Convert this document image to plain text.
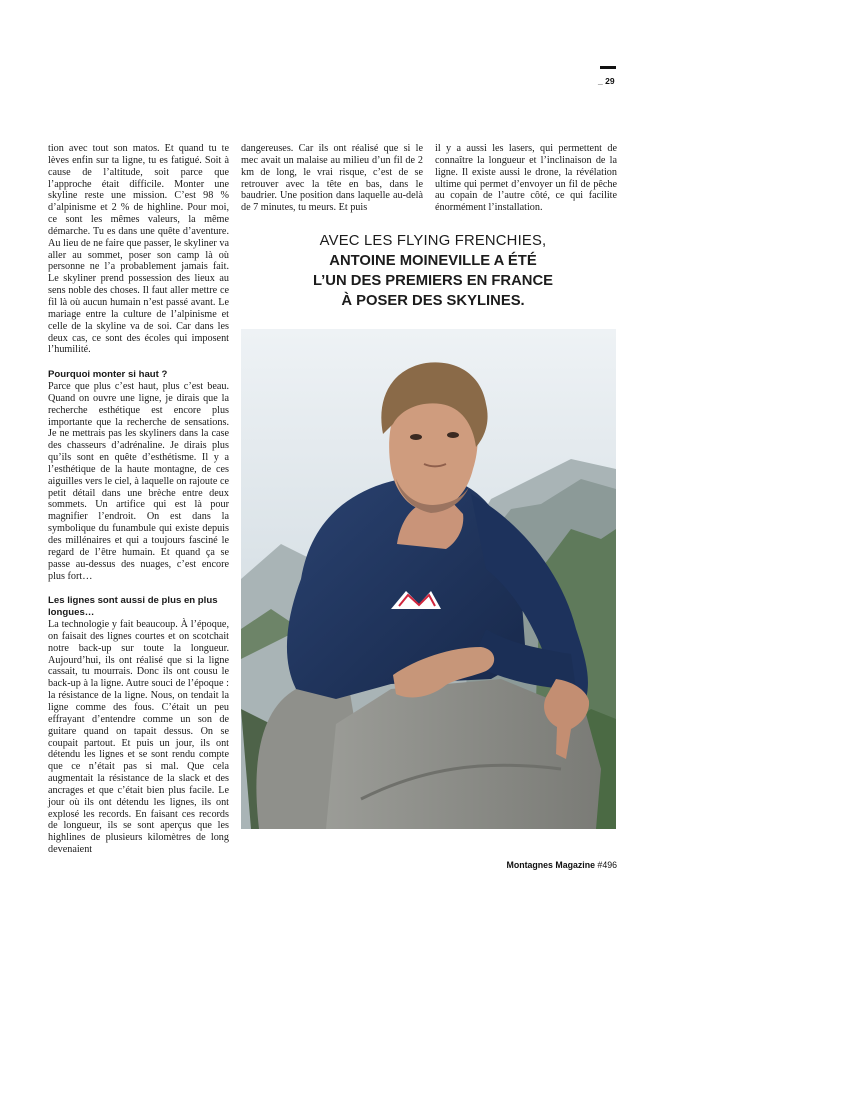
_ 29

tion avec tout son matos. Et quand tu te lèves enfin sur ta ligne, tu es fatigué. Soit à cause de l’altitude, soit parce que l’approche était difficile. Monter une skyline reste une mission. C’est 98 % d’alpinisme et 2 % de highline. Pour moi, ce sont les mêmes valeurs, la même démarche. Tu es dans une quête d’aventure. Au lieu de ne faire que passer, le skyliner va aller au sommet, poser son camp là où personne ne l’a probablement jamais fait. Le skyliner prend possession des lieux au sens noble des choses. Il faut aller mettre ce fil là où aucun humain n’est passé avant. Le mariage entre la culture de l’alpinisme et celle de la skyline va de soi. Car dans les deux cas, ce sont des écoles qui imposent l’humilité.

Pourquoi monter si haut ?

Parce que plus c’est haut, plus c’est beau. Quand on ouvre une ligne, je dirais que la recherche esthétique est encore plus importante que la recherche de sensations. Je ne mettrais pas les skyliners dans la case des chasseurs d’adrénaline. Je dirais plus qu’ils sont en quête d’esthétisme. Il y a l’esthétique de la haute montagne, de ces aiguilles vers le ciel, à laquelle on rajoute ce petit détail dans une brèche entre deux sommets. Un artifice qui est là pour magnifier l’endroit. On est dans la symbolique du funambule qui existe depuis des millénaires et qui a toujours fasciné le regard de l’être humain. Et quand ça se passe au-dessus des nuages, c’est encore plus fort…

Les lignes sont aussi de plus en plus longues…

La technologie y fait beaucoup. À l’époque, on faisait des lignes courtes et on scotchait notre back-up sur toute la longueur. Aujourd’hui, ils ont réalisé que si la ligne cassait, tu mourrais. Donc ils ont cousu le back-up à la ligne. Autre souci de l’époque : la résistance de la ligne. Nous, on tendait la ligne comme des fous. C’était un peu effrayant d’entendre comme un son de guitare quand on tapait dessus. On se coupait partout. Et puis un jour, ils ont détendu les lignes et se sont rendu compte que ce n’était pas si mal. Que cela augmentait la résistance de la slack et des ancrages et que c’était bien plus facile. Le jour où ils ont détendu les lignes, ils ont explosé les records. En faisant ces records de longueur, ils se sont aperçus que les highlines de plusieurs kilomètres de long devenaient

dangereuses. Car ils ont réalisé que si le mec avait un malaise au milieu d’un fil de 2 km de long, le vrai risque, c’est de se retrouver avec la tête en bas, dans le baudrier. Une position dans laquelle au-delà de 7 minutes, tu meurs. Et puis

il y a aussi les lasers, qui permettent de connaître la longueur et l’inclinaison de la ligne. Il existe aussi le drone, la révélation ultime qui permet d’envoyer un fil de pêche au copain de l’autre côté, ce qui facilite énormément l’installation.

AVEC LES FLYING FRENCHIES,
ANTOINE MOINEVILLE A ÉTÉ
L’UN DES PREMIERS EN FRANCE
À POSER DES SKYLINES.
© Florent Schneider
Montagnes Magazine #496
